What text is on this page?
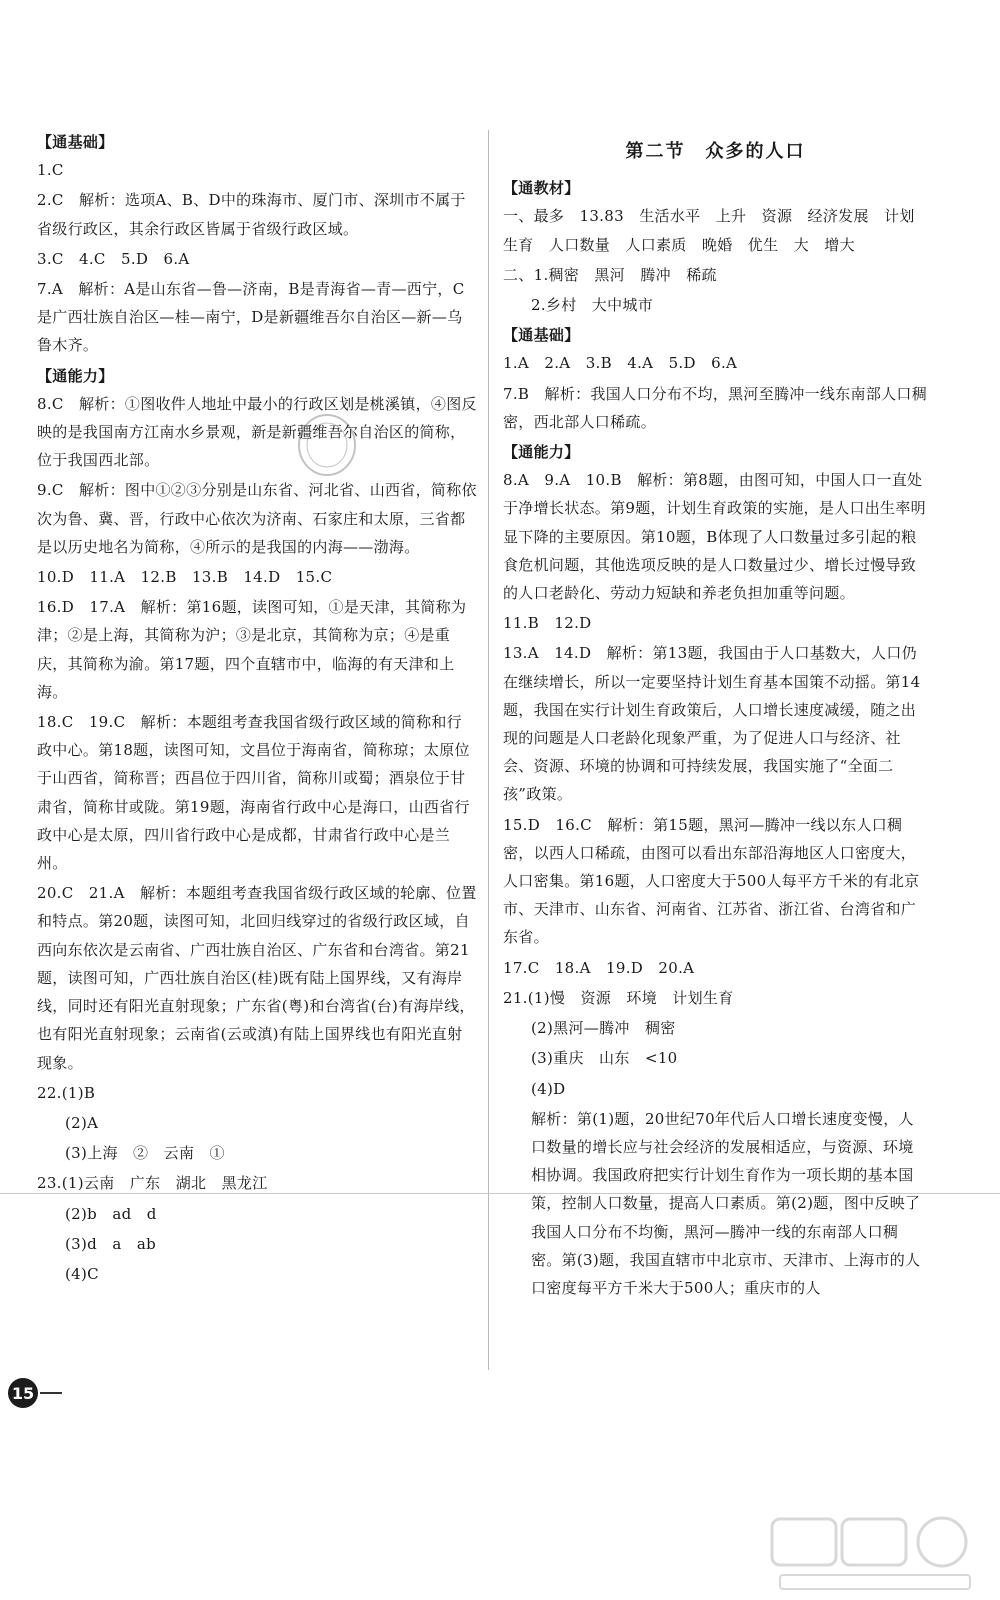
【通基础】

1.C

2.C　解析：选项A、B、D中的珠海市、厦门市、深圳市不属于省级行政区，其余行政区皆属于省级行政区域。

3.C　4.C　5.D　6.A

7.A　解析：A是山东省—鲁—济南，B是青海省—青—西宁，C是广西壮族自治区—桂—南宁，D是新疆维吾尔自治区—新—乌鲁木齐。

【通能力】

8.C　解析：①图收件人地址中最小的行政区划是桃溪镇，④图反映的是我国南方江南水乡景观，新是新疆维吾尔自治区的简称，位于我国西北部。

9.C　解析：图中①②③分别是山东省、河北省、山西省，简称依次为鲁、冀、晋，行政中心依次为济南、石家庄和太原，三省都是以历史地名为简称，④所示的是我国的内海——渤海。

10.D　11.A　12.B　13.B　14.D　15.C

16.D　17.A　解析：第16题，读图可知，①是天津，其简称为津；②是上海，其简称为沪；③是北京，其简称为京；④是重庆，其简称为渝。第17题，四个直辖市中，临海的有天津和上海。

18.C　19.C　解析：本题组考查我国省级行政区域的简称和行政中心。第18题，读图可知，文昌位于海南省，简称琼；太原位于山西省，简称晋；西昌位于四川省，简称川或蜀；酒泉位于甘肃省，简称甘或陇。第19题，海南省行政中心是海口，山西省行政中心是太原，四川省行政中心是成都，甘肃省行政中心是兰州。

20.C　21.A　解析：本题组考查我国省级行政区域的轮廓、位置和特点。第20题，读图可知，北回归线穿过的省级行政区域，自西向东依次是云南省、广西壮族自治区、广东省和台湾省。第21题，读图可知，广西壮族自治区(桂)既有陆上国界线，又有海岸线，同时还有阳光直射现象；广东省(粤)和台湾省(台)有海岸线，也有阳光直射现象；云南省(云或滇)有陆上国界线也有阳光直射现象。

22.(1)B

(2)A

(3)上海　②　云南　①

23.(1)云南　广东　湖北　黑龙江

(2)b　ad　d

(3)d　a　ab

(4)C

第二节　众多的人口

【通教材】

一、最多　13.83　生活水平　上升　资源　经济发展　计划生育　人口数量　人口素质　晚婚　优生　大　增大

二、1.稠密　黑河　腾冲　稀疏

2.乡村　大中城市

【通基础】

1.A　2.A　3.B　4.A　5.D　6.A

7.B　解析：我国人口分布不均，黑河至腾冲一线东南部人口稠密，西北部人口稀疏。

【通能力】

8.A　9.A　10.B　解析：第8题，由图可知，中国人口一直处于净增长状态。第9题，计划生育政策的实施，是人口出生率明显下降的主要原因。第10题，B体现了人口数量过多引起的粮食危机问题，其他选项反映的是人口数量过少、增长过慢导致的人口老龄化、劳动力短缺和养老负担加重等问题。

11.B　12.D

13.A　14.D　解析：第13题，我国由于人口基数大，人口仍在继续增长，所以一定要坚持计划生育基本国策不动摇。第14题，我国在实行计划生育政策后，人口增长速度减缓，随之出现的问题是人口老龄化现象严重，为了促进人口与经济、社会、资源、环境的协调和可持续发展，我国实施了“全面二孩”政策。

15.D　16.C　解析：第15题，黑河—腾冲一线以东人口稠密，以西人口稀疏，由图可以看出东部沿海地区人口密度大，人口密集。第16题，人口密度大于500人每平方千米的有北京市、天津市、山东省、河南省、江苏省、浙江省、台湾省和广东省。

17.C　18.A　19.D　20.A

21.(1)慢　资源　环境　计划生育

(2)黑河—腾冲　稠密

(3)重庆　山东　<10

(4)D

解析：第(1)题，20世纪70年代后人口增长速度变慢，人口数量的增长应与社会经济的发展相适应，与资源、环境相协调。我国政府把实行计划生育作为一项长期的基本国策，控制人口数量，提高人口素质。第(2)题，图中反映了我国人口分布不均衡，黑河—腾冲一线的东南部人口稠密。第(3)题，我国直辖市中北京市、天津市、上海市的人口密度每平方千米大于500人；重庆市的人

15
